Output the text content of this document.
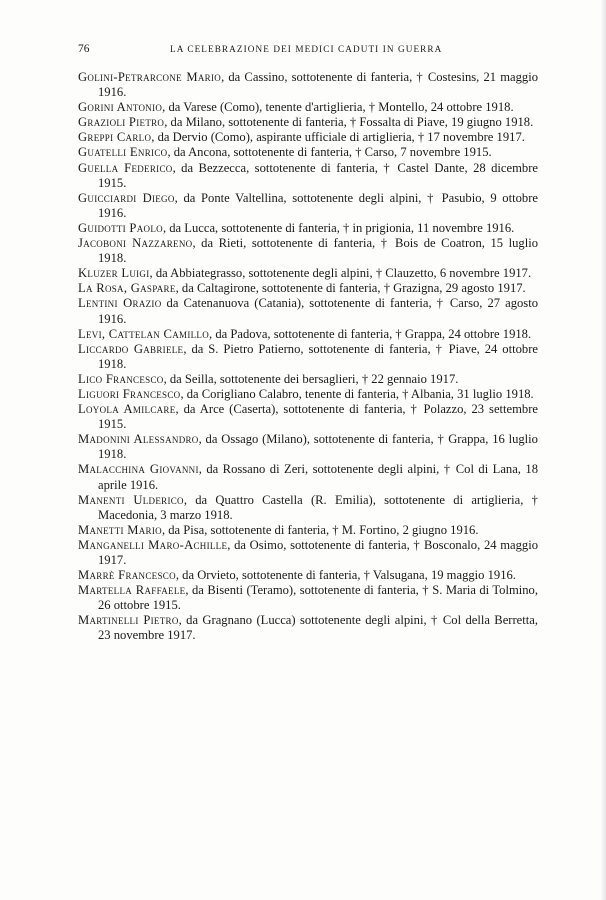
76	LA CELEBRAZIONE DEI MEDICI CADUTI IN GUERRA

Golini-Petrarcone Mario, da Cassino, sottotenente di fanteria, † Costesins, 21 maggio 1916.

Gorini Antonio, da Varese (Como), tenente d'artiglieria, † Montello, 24 ottobre 1918.

Grazioli Pietro, da Milano, sottotenente di fanteria, † Fossalta di Piave, 19 giugno 1918.

Greppi Carlo, da Dervio (Como), aspirante ufficiale di artiglieria, † 17 novembre 1917.

Guatelli Enrico, da Ancona, sottotenente di fanteria, † Carso, 7 novembre 1915.

Guella Federico, da Bezzecca, sottotenente di fanteria, † Castel Dante, 28 dicembre 1915.

Guicciardi Diego, da Ponte Valtellina, sottotenente degli alpini, † Pasubio, 9 ottobre 1916.

Guidotti Paolo, da Lucca, sottotenente di fanteria, † in prigionia, 11 novembre 1916.

Jacoboni Nazzareno, da Rieti, sottotenente di fanteria, † Bois de Coatron, 15 luglio 1918.

Kluzer Luigi, da Abbiategrasso, sottotenente degli alpini, † Clauzetto, 6 novembre 1917.

La Rosa, Gaspare, da Caltagirone, sottotenente di fanteria, † Grazigna, 29 agosto 1917.

Lentini Orazio da Catenanuova (Catania), sottotenente di fanteria, † Carso, 27 agosto 1916.

Levi, Cattelan Camillo, da Padova, sottotenente di fanteria, † Grappa, 24 ottobre 1918.

Liccardo Gabriele, da S. Pietro Patierno, sottotenente di fanteria, † Piave, 24 ottobre 1918.

Lico Francesco, da Seilla, sottotenente dei bersaglieri, † 22 gennaio 1917.

Liguori Francesco, da Corigliano Calabro, tenente di fanteria, † Albania, 31 luglio 1918.

Loyola Amilcare, da Arce (Caserta), sottotenente di fanteria, † Polazzo, 23 settembre 1915.

Madonini Alessandro, da Ossago (Milano), sottotenente di fanteria, † Grappa, 16 luglio 1918.

Malacchina Giovanni, da Rossano di Zeri, sottotenente degli alpini, † Col di Lana, 18 aprile 1916.

Manenti Ulderico, da Quattro Castella (R. Emilia), sottotenente di artiglieria, † Macedonia, 3 marzo 1918.

Manetti Mario, da Pisa, sottotenente di fanteria, † M. Fortino, 2 giugno 1916.

Manganelli Maro-Achille, da Osimo, sottotenente di fanteria, † Bosconalo, 24 maggio 1917.

Marrè Francesco, da Orvieto, sottotenente di fanteria, † Valsugana, 19 maggio 1916.

Martella Raffaele, da Bisenti (Teramo), sottotenente di fanteria, † S. Maria di Tolmino, 26 ottobre 1915.

Martinelli Pietro, da Gragnano (Lucca) sottotenente degli alpini, † Col della Berretta, 23 novembre 1917.
